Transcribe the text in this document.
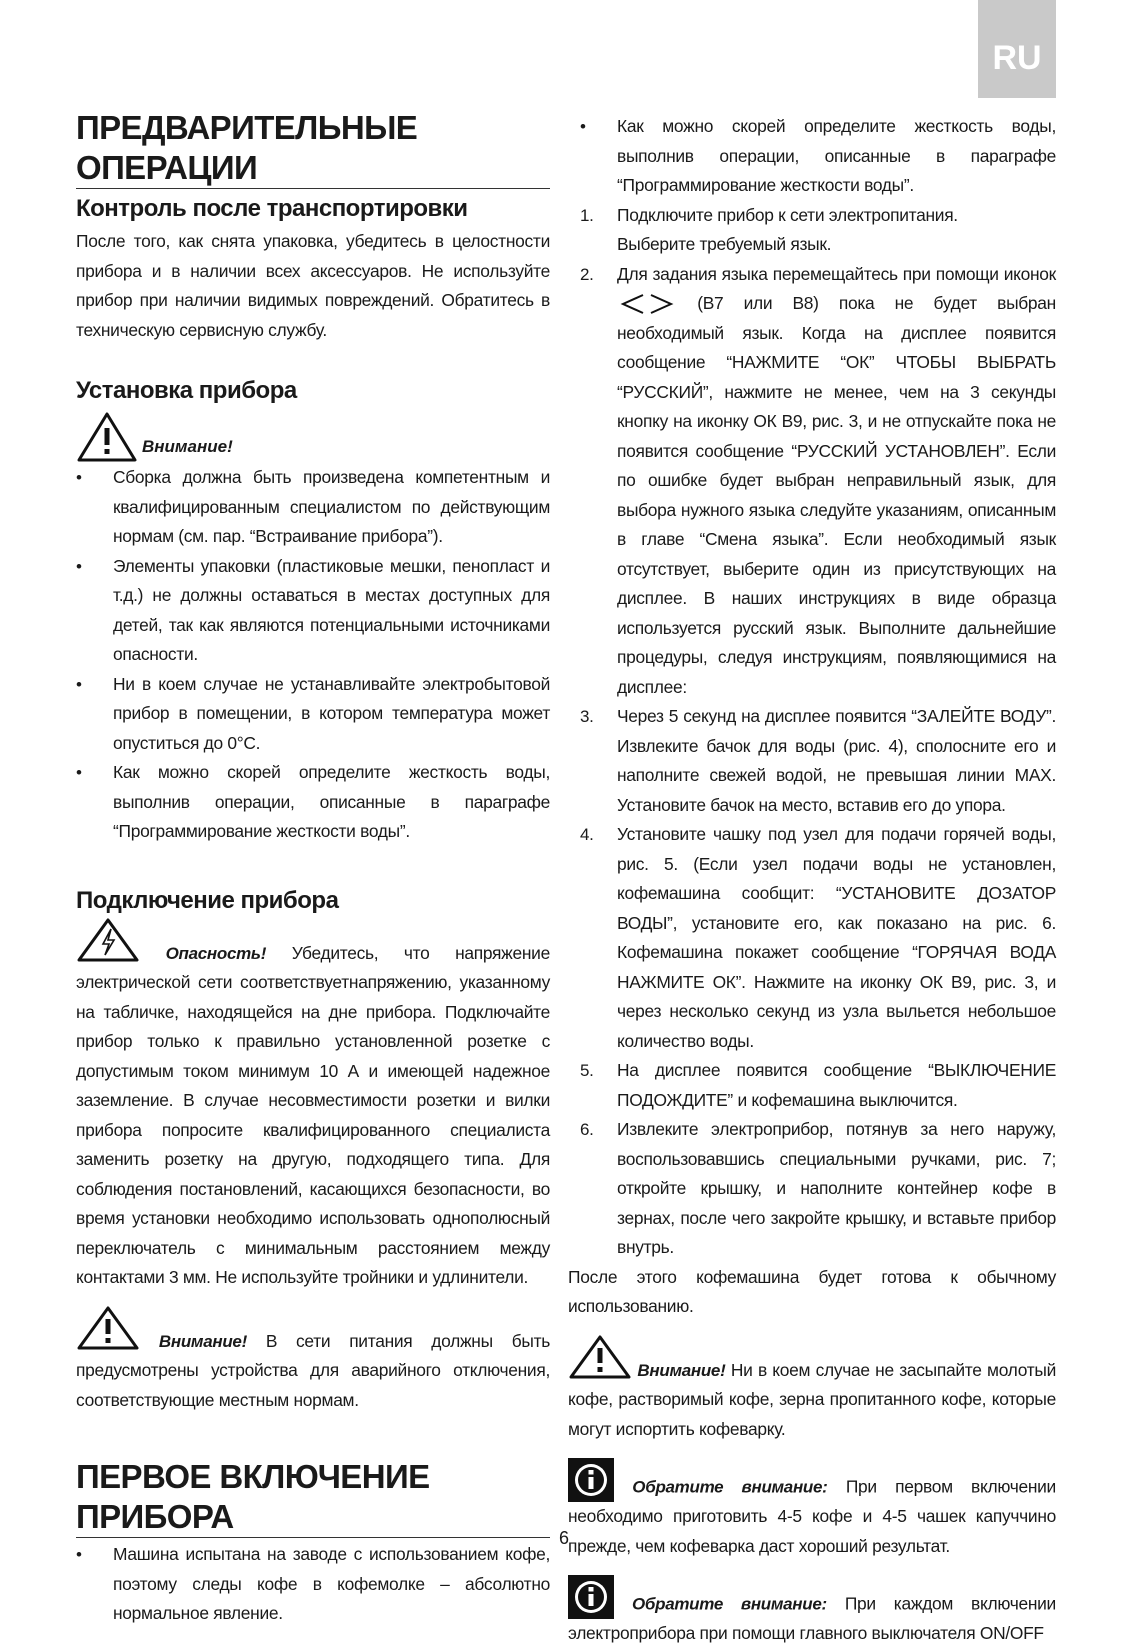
RU
ПРЕДВАРИТЕЛЬНЫЕ ОПЕРАЦИИ
Контроль после транспортировки

После того, как снята упаковка, убедитесь в целостности прибора и в наличии всех аксессуаров. Не используйте прибор при наличии видимых повреждений. Обратитесь в техническую сервисную службу.

Установка прибора
Внимание!
• Сборка должна быть произведена компетентным и квалифицированным специалистом по действующим нормам (см. пар. “Встраивание прибора”).
• Элементы упаковки (пластиковые мешки, пенопласт и т.д.) не должны оставаться в местах доступных для детей, так как являются потенциальными источниками опасности.
• Ни в коем случае не устанавливайте электробытовой прибор в помещении, в котором температура может опуститься до 0°C.
• Как можно скорей определите жесткость воды, выполнив операции, описанные в параграфе “Программирование жесткости воды”.
Подключение прибора
Опасность! Убедитесь, что напряжение электрической сети соответствуетнапряжению, указанному на табличке, находящейся на дне прибора. Подключайте прибор только к правильно установленной розетке с допустимым током минимум 10 А и имеющей надежное заземление. В случае несовместимости розетки и вилки прибора попросите квалифицированного специалиста заменить розетку на другую, подходящего типа. Для соблюдения постановлений, касающихся безопасности, во время установки необходимо использовать однополюсный переключатель с минимальным расстоянием между контактами 3 мм. Не используйте тройники и удлинители.
Внимание! В сети питания должны быть предусмотрены устройства для аварийного отключения, соответствующие местным нормам.
ПЕРВОЕ ВКЛЮЧЕНИЕ ПРИБОРА
• Машина испытана на заводе с использованием кофе, поэтому следы кофе в кофемолке – абсолютно нормальное явление.
• Как можно скорей определите жесткость воды, выполнив операции, описанные в параграфе “Программирование жесткости воды”.
1. Подключите прибор к сети электропитания.
Выберите требуемый язык.
2. Для задания языка перемещайтесь при помощи иконок  (B7 или B8) пока не будет выбран необходимый язык. Когда на дисплее появится сообщение “НАЖМИТЕ “ОК” ЧТОБЫ ВЫБРАТЬ “РУССКИЙ”, нажмите не менее, чем на 3 секунды кнопку на иконку ОК B9, рис. 3, и не отпускайте пока не появится сообщение “РУССКИЙ УСТАНОВЛЕН”. Если по ошибке будет выбран неправильный язык, для выбора нужного языка следуйте указаниям, описанным в главе “Смена языка”. Если необходимый язык отсутствует, выберите один из присутствующих на дисплее. В наших инструкциях в виде образца используется русский язык. Выполните дальнейшие процедуры, следуя инструкциям, появляющимися на дисплее:
3. Через 5 секунд на дисплее появится “ЗАЛЕЙТЕ ВОДУ”. Извлеките бачок для воды (рис. 4), сполосните его и наполните свежей водой, не превышая линии MAX. Установите бачок на место, вставив его до упора.
4. Установите чашку под узел для подачи горячей воды, рис. 5. (Если узел подачи воды не установлен, кофемашина сообщит: “УСТАНОВИТЕ ДОЗАТОР ВОДЫ”, установите его, как показано на рис. 6. Кофемашина покажет сообщение “ГОРЯЧАЯ ВОДА НАЖМИТЕ ОК”. Нажмите на иконку ОК B9, рис. 3, и через несколько секунд из узла выльется небольшое количество воды.
5. На дисплее появится сообщение “ВЫКЛЮЧЕНИЕ ПОДОЖДИТЕ” и кофемашина выключится.
6. Извлеките электроприбор, потянув за него наружу, воспользовавшись специальными ручками, рис. 7; откройте крышку, и наполните контейнер кофе в зернах, после чего закройте крышку, и вставьте прибор внутрь.

После этого кофемашина будет готова к обычному использованию.

Внимание! Ни в коем случае не засыпайте молотый кофе, растворимый кофе, зерна пропитанного кофе, которые могут испортить кофеварку.
Обратите внимание: При первом включении необходимо приготовить 4-5 кофе и 4-5 чашек капуччино прежде, чем кофеварка даст хороший результат.
Обратите внимание: При каждом включении электроприбора при помощи главного выключателя ON/OFF
6
